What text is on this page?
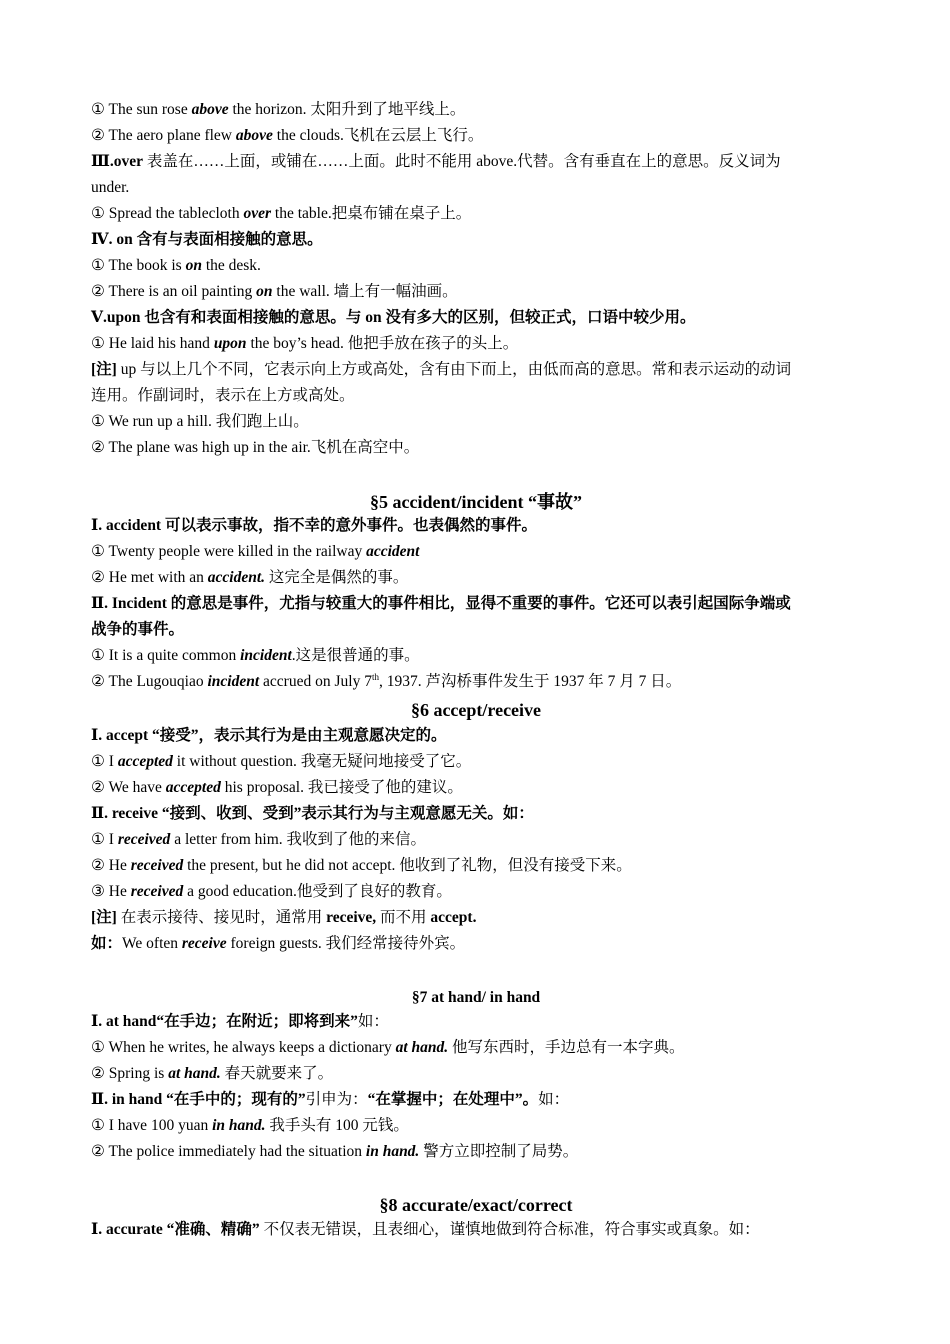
① The sun rose above the horizon. 太阳升到了地平线上。
② The aero plane flew above the clouds.飞机在云层上飞行。
Ⅲ.over 表盖在……上面，或铺在……上面。此时不能用 above.代替。含有垂直在上的意思。反义词为
under.
① Spread the tablecloth over the table.把桌布铺在桌子上。
Ⅳ. on 含有与表面相接触的意思。
① The book is on the desk.
② There is an oil painting on the wall. 墙上有一幅油画。
Ⅴ.upon 也含有和表面相接触的意思。与 on 没有多大的区别，但较正式，口语中较少用。
① He laid his hand upon the boy’s head. 他把手放在孩子的头上。
[注] up 与以上几个不同，它表示向上方或高处，含有由下而上，由低而高的意思。常和表示运动的动词
连用。作副词时，表示在上方或高处。
① We run up a hill. 我们跑上山。
② The plane was high up in the air.飞机在高空中。
§5 accident/incident “事故”
Ⅰ. accident 可以表示事故，指不幸的意外事件。也表偶然的事件。
① Twenty people were killed in the railway accident
② He met with an accident. 这完全是偶然的事。
Ⅱ. Incident 的意思是事件，尤指与较重大的事件相比，显得不重要的事件。它还可以表引起国际争端或
战争的事件。
① It is a quite common incident.这是很普通的事。
② The Lugouqiao incident accrued on July 7th, 1937. 芦沟桥事件发生于 1937 年 7 月 7 日。
§6 accept/receive
Ⅰ. accept “接受”，表示其行为是由主观意愿决定的。
① I accepted it without question. 我毫无疑问地接受了它。
② We have accepted his proposal. 我已接受了他的建议。
Ⅱ. receive “接到、收到、受到”表示其行为与主观意愿无关。如：
① I received a letter from him. 我收到了他的来信。
② He received the present, but he did not accept. 他收到了礼物，但没有接受下来。
③ He received a good education.他受到了良好的教育。
[注] 在表示接待、接见时，通常用 receive, 而不用 accept.
如：We often receive foreign guests. 我们经常接待外宾。
§7 at hand/ in hand
Ⅰ. at hand“在手边；在附近；即将到来”如：
① When he writes, he always keeps a dictionary at hand. 他写东西时，手边总有一本字典。
② Spring is at hand. 春天就要来了。
Ⅱ. in hand “在手中的；现有的”引申为：“在掌握中；在处理中”。如：
① I have 100 yuan in hand. 我手头有 100 元钱。
② The police immediately had the situation in hand. 警方立即控制了局势。
§8 accurate/exact/correct
Ⅰ. accurate “准确、精确” 不仅表无错误，且表细心，谨慎地做到符合标准，符合事实或真象。如：
